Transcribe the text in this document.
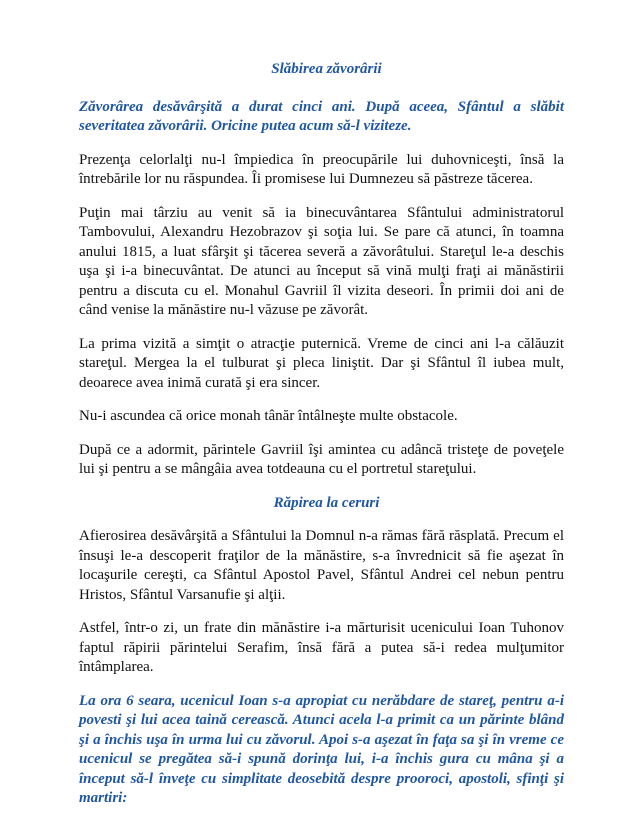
Slăbirea zăvorârii

Zăvorârea desăvârşită a durat cinci ani. După aceea, Sfântul a slăbit severitatea zăvorârii. Oricine putea acum să-l viziteze.

Prezenţa celorlalţi nu-l împiedica în preocupările lui duhovniceşti, însă la întrebările lor nu răspundea. Îi promisese lui Dumnezeu să păstreze tăcerea.

Puţin mai târziu au venit să ia binecuvântarea Sfântului administratorul Tambovului, Alexandru Hezobrazov şi soţia lui. Se pare că atunci, în toamna anului 1815, a luat sfârşit şi tăcerea severă a zăvorâtului. Stareţul le-a deschis uşa şi i-a binecuvântat. De atunci au început să vină mulţi fraţi ai mănăstirii pentru a discuta cu el. Monahul Gavriil îl vizita deseori. În primii doi ani de când venise la mănăstire nu-l văzuse pe zăvorât.

La prima vizită a simţit o atracţie puternică. Vreme de cinci ani l-a călăuzit stareţul. Mergea la el tulburat şi pleca liniştit. Dar şi Sfântul îl iubea mult, deoarece avea inimă curată şi era sincer.

Nu-i ascundea că orice monah tânăr întâlneşte multe obstacole.

După ce a adormit, părintele Gavriil îşi amintea cu adâncă tristeţe de poveţele lui şi pentru a se mângâia avea totdeauna cu el portretul stareţului.

Răpirea la ceruri

Afierosirea desăvârşită a Sfântului la Domnul n-a rămas fără răsplată. Precum el însuşi le-a descoperit fraţilor de la mănăstire, s-a învrednicit să fie aşezat în locaşurile cereşti, ca Sfântul Apostol Pavel, Sfântul Andrei cel nebun pentru Hristos, Sfântul Varsanufie şi alţii.

Astfel, într-o zi, un frate din mănăstire i-a mărturisit ucenicului Ioan Tuhonov faptul răpirii părintelui Serafim, însă fără a putea să-i redea mulţumitor întâmplarea.

La ora 6 seara, ucenicul Ioan s-a apropiat cu nerăbdare de stareţ, pentru a-i povesti şi lui acea taină cerească. Atunci acela l-a primit ca un părinte blând şi a închis uşa în urma lui cu zăvorul. Apoi s-a aşezat în faţa sa şi în vreme ce ucenicul se pregătea să-i spună dorinţa lui, i-a închis gura cu mâna şi a început să-l înveţe cu simplitate deosebită despre prooroci, apostoli, sfinţi şi martiri:
